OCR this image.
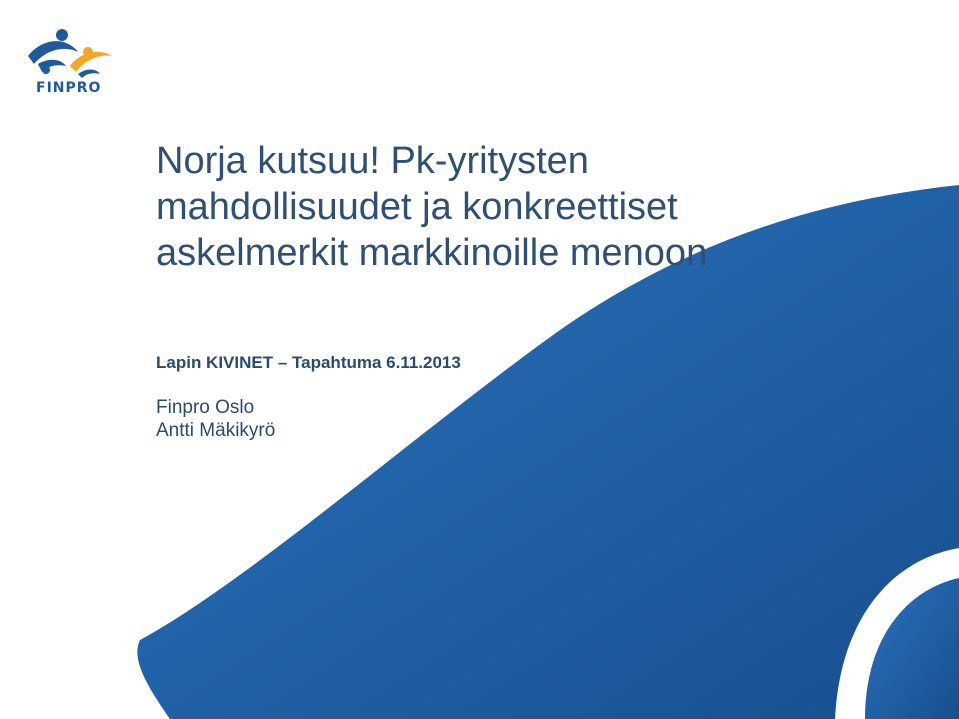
FINPRO
Norja kutsuu! Pk-yritysten
mahdollisuudet ja konkreettiset
askelmerkit markkinoille menoon
Lapin KIVINET – Tapahtuma 6.11.2013
Finpro Oslo
Antti Mäkikyrö
